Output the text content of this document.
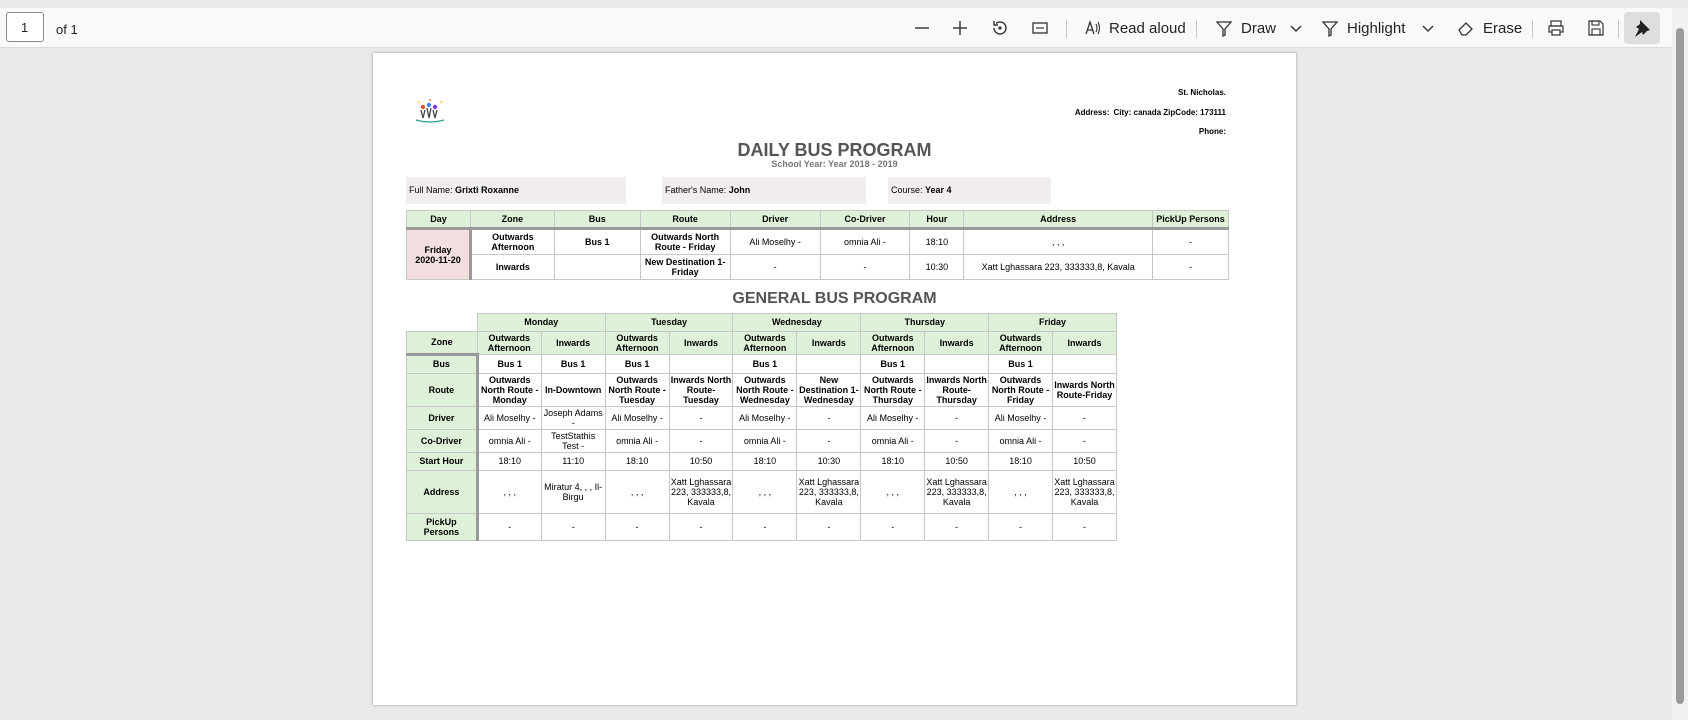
1
of 1	Read aloud	Draw	Highlight	Erase
St. Nicholas.
Address: City: canada ZipCode: 173111
Phone:
DAILY BUS PROGRAM
School Year: Year 2018 - 2019
Full Name: Grixti Roxanne	Father's Name: John	Course: Year 4
Day	Zone	Bus	Route	Driver	Co-Driver	Hour	Address	PickUp Persons

Friday
2020-11-20	Outwards Afternoon	Bus 1	Outwards North Route - Friday	Ali Moselhy -	omnia Ali -	18:10	, , ,	-
	Inwards		New Destination 1- Friday	-	-	10:30	Xatt Lghassara 223, 333333,8, Kavala	-
GENERAL BUS PROGRAM
	Monday		Tuesday		Wednesday		Thursday		Friday	
Zone	Outwards Afternoon	Inwards	Outwards Afternoon	Inwards	Outwards Afternoon	Inwards	Outwards Afternoon	Inwards	Outwards Afternoon	Inwards
Bus	Bus 1	Bus 1	Bus 1		Bus 1		Bus 1		Bus 1	
Route	Outwards North Route - Monday	In-Downtown	Outwards North Route - Tuesday	Inwards North Route- Tuesday	Outwards North Route - Wednesday	New Destination 1- Wednesday	Outwards North Route - Thursday	Inwards North Route- Thursday	Outwards North Route - Friday	Inwards North Route-Friday
Driver	Ali Moselhy -	Joseph Adams -	Ali Moselhy -	-	Ali Moselhy -	-	Ali Moselhy -	-	Ali Moselhy -	-
Co-Driver	omnia Ali -	TestStathis Test -	omnia Ali -	-	omnia Ali -	-	omnia Ali -	-	omnia Ali -	-
Start Hour	18:10	11:10	18:10	10:50	18:10	10:30	18:10	10:50	18:10	10:50
Address	, , ,	Miratur 4, , , Il-Birgu	, , ,	Xatt Lghassara 223, 333333,8, Kavala	, , ,	Xatt Lghassara 223, 333333,8, Kavala	, , ,	Xatt Lghassara 223, 333333,8, Kavala	, , ,	Xatt Lghassara 223, 333333,8, Kavala
PickUp Persons	-	-	-	-	-	-	-	-	-	-
